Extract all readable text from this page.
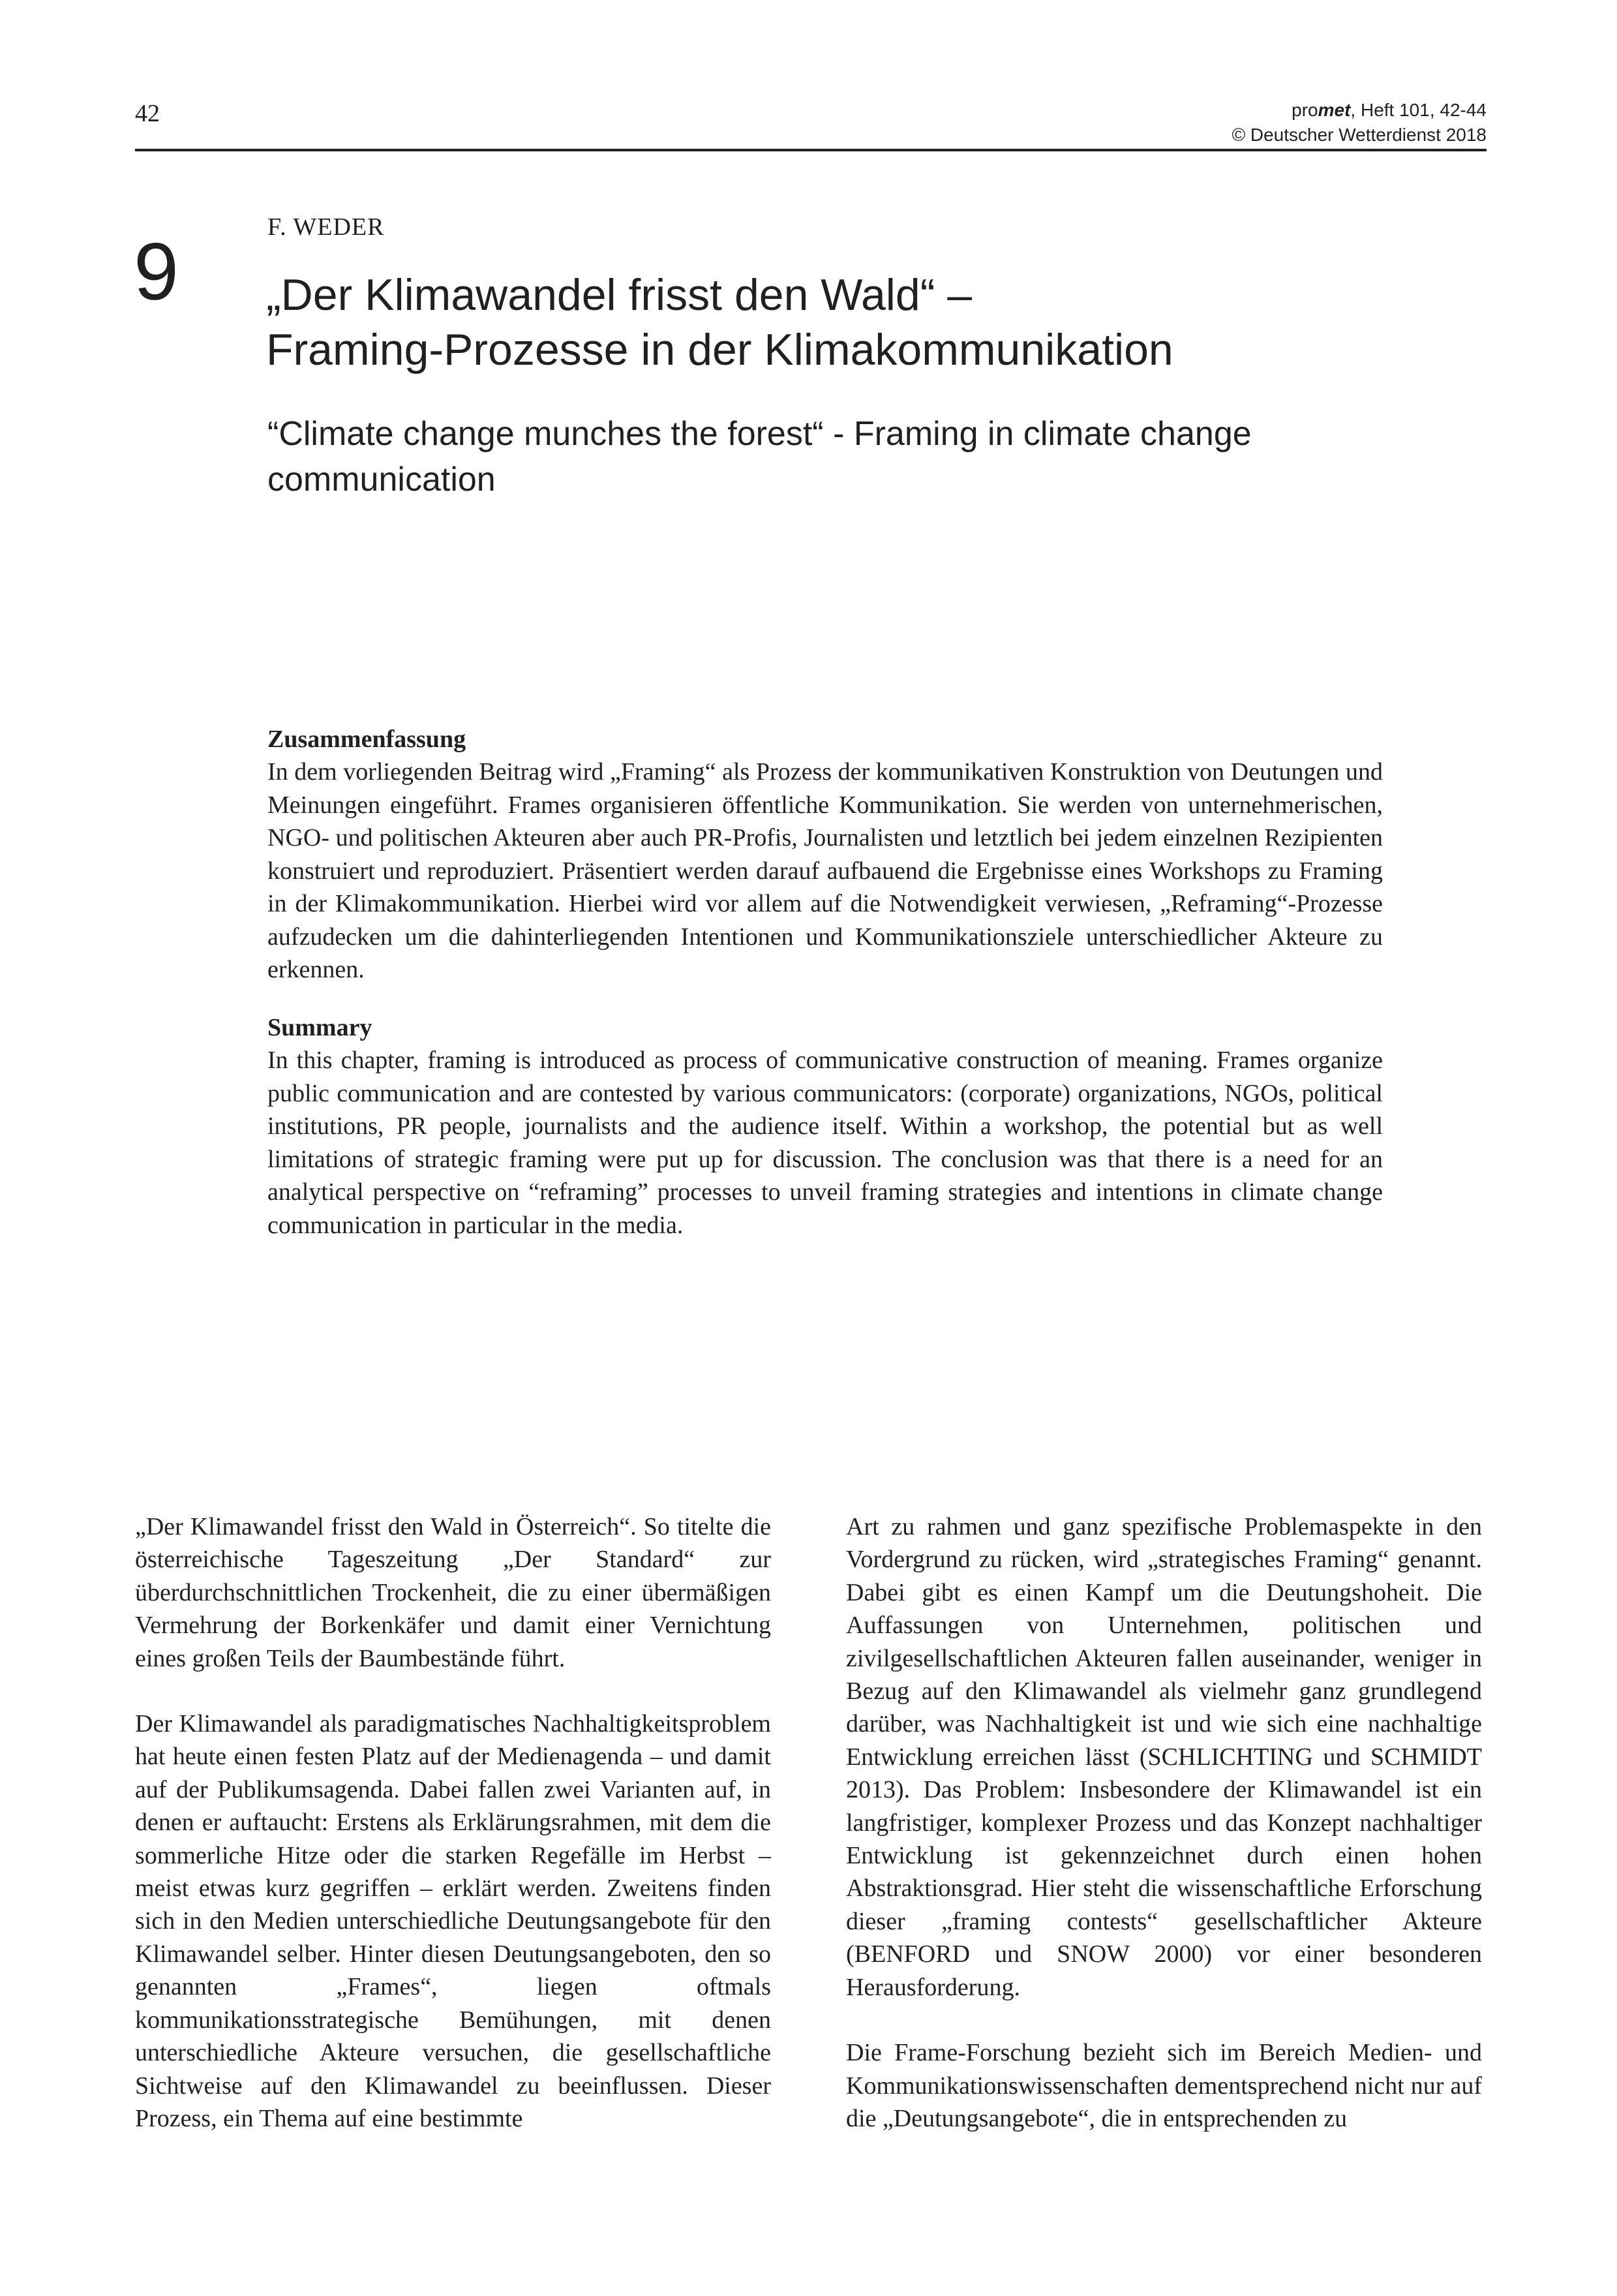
42	promet, Heft 101, 42-44
© Deutscher Wetterdienst 2018
9	F. WEDER
„Der Klimawandel frisst den Wald“ –
Framing-Prozesse in der Klimakommunikation
“Climate change munches the forest“ - Framing in climate change communication
Zusammenfassung

In dem vorliegenden Beitrag wird „Framing“ als Prozess der kommunikativen Konstruktion von Deutungen und Meinungen eingeführt. Frames organisieren öffentliche Kommunikation. Sie werden von unternehmerischen, NGO- und politischen Akteuren aber auch PR-Profis, Journalisten und letztlich bei jedem einzelnen Rezipienten konstruiert und reproduziert. Präsentiert werden darauf aufbauend die Ergebnisse eines Workshops zu Framing in der Klimakommunikation. Hierbei wird vor allem auf die Notwendigkeit verwiesen, „Reframing“-Prozesse aufzudecken um die dahinterliegenden Intentionen und Kommunikationsziele unterschiedlicher Akteure zu erkennen.

Summary

In this chapter, framing is introduced as process of communicative construction of meaning. Frames organize public communication and are contested by various communicators: (corporate) organizations, NGOs, political institutions, PR people, journalists and the audience itself. Within a workshop, the potential but as well limitations of strategic framing were put up for discussion. The conclusion was that there is a need for an analytical perspective on “reframing” processes to unveil framing strategies and intentions in climate change communication in particular in the media.

„Der Klimawandel frisst den Wald in Österreich“. So titelte die österreichische Tageszeitung „Der Standard“ zur überdurchschnittlichen Trockenheit, die zu einer übermäßigen Vermehrung der Borkenkäfer und damit einer Vernichtung eines großen Teils der Baumbestände führt.

Der Klimawandel als paradigmatisches Nachhaltigkeitsproblem hat heute einen festen Platz auf der Medienagenda – und damit auf der Publikumsagenda. Dabei fallen zwei Varianten auf, in denen er auftaucht: Erstens als Erklärungsrahmen, mit dem die sommerliche Hitze oder die starken Regefälle im Herbst – meist etwas kurz gegriffen – erklärt werden. Zweitens finden sich in den Medien unterschiedliche Deutungsangebote für den Klimawandel selber. Hinter diesen Deutungsangeboten, den so genannten „Frames“, liegen oftmals kommunikationsstrategische Bemühungen, mit denen unterschiedliche Akteure versuchen, die gesellschaftliche Sichtweise auf den Klimawandel zu beeinflussen. Dieser Prozess, ein Thema auf eine bestimmte

Art zu rahmen und ganz spezifische Problemaspekte in den Vordergrund zu rücken, wird „strategisches Framing“ genannt. Dabei gibt es einen Kampf um die Deutungshoheit. Die Auffassungen von Unternehmen, politischen und zivilgesellschaftlichen Akteuren fallen auseinander, weniger in Bezug auf den Klimawandel als vielmehr ganz grundlegend darüber, was Nachhaltigkeit ist und wie sich eine nachhaltige Entwicklung erreichen lässt (SCHLICHTING und SCHMIDT 2013). Das Problem: Insbesondere der Klimawandel ist ein langfristiger, komplexer Prozess und das Konzept nachhaltiger Entwicklung ist gekennzeichnet durch einen hohen Abstraktionsgrad. Hier steht die wissenschaftliche Erforschung dieser „framing contests“ gesellschaftlicher Akteure (BENFORD und SNOW 2000) vor einer besonderen Herausforderung.

Die Frame-Forschung bezieht sich im Bereich Medien- und Kommunikationswissenschaften dementsprechend nicht nur auf die „Deutungsangebote“, die in entsprechenden zu
